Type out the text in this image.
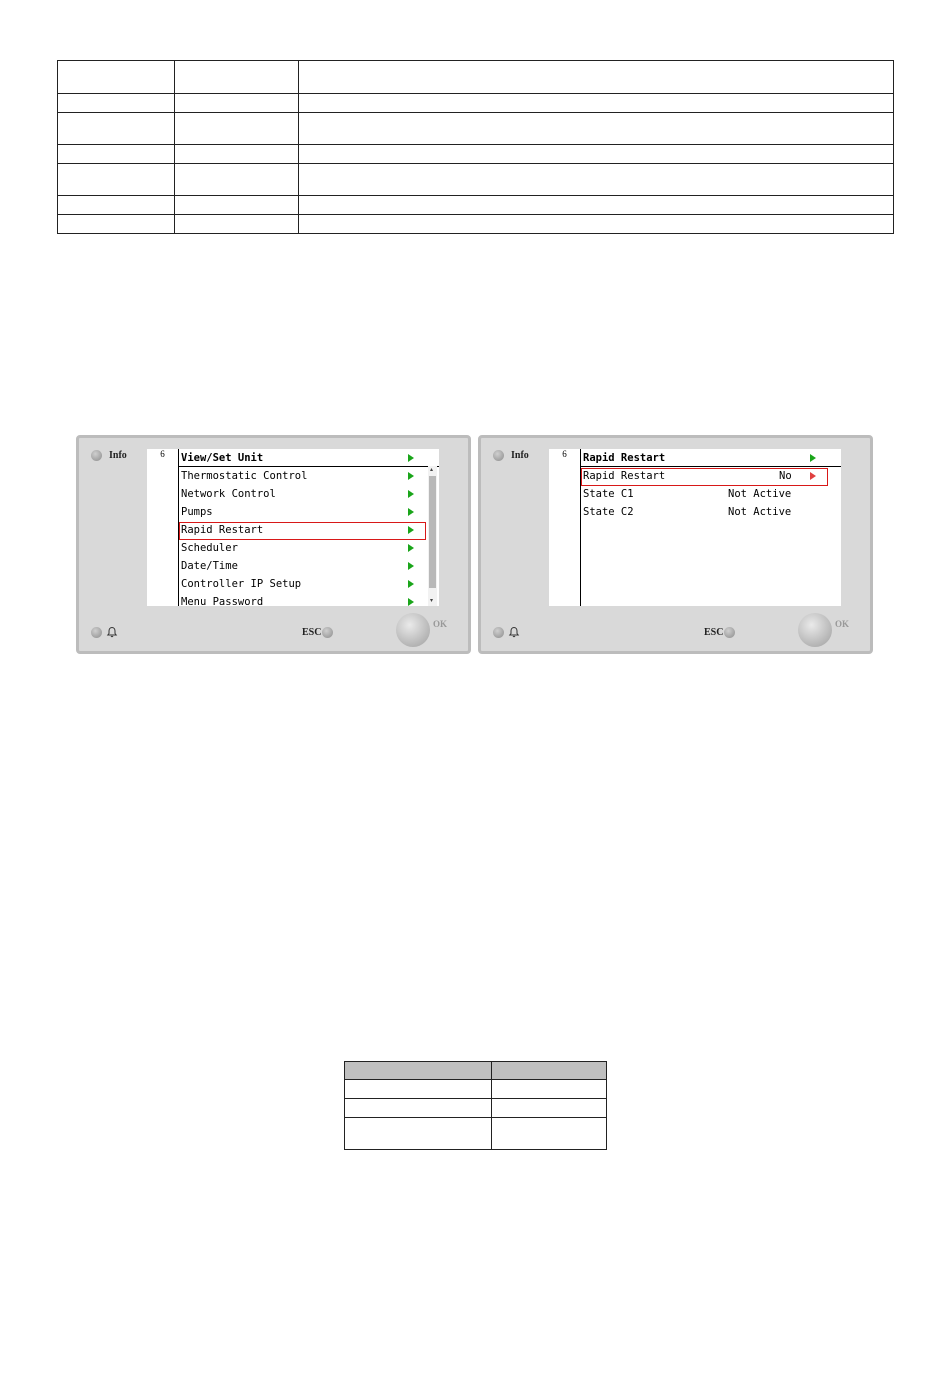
Info	6	View/Set Unit
Thermostatic Control
Network Control
Pumps
Rapid Restart
Scheduler
Date/Time
Controller IP Setup
Menu Password
▴
▾
ESC
OK
Info	6	Rapid Restart
Rapid Restart	No
State C1	Not Active
State C2	Not Active
ESC
OK
